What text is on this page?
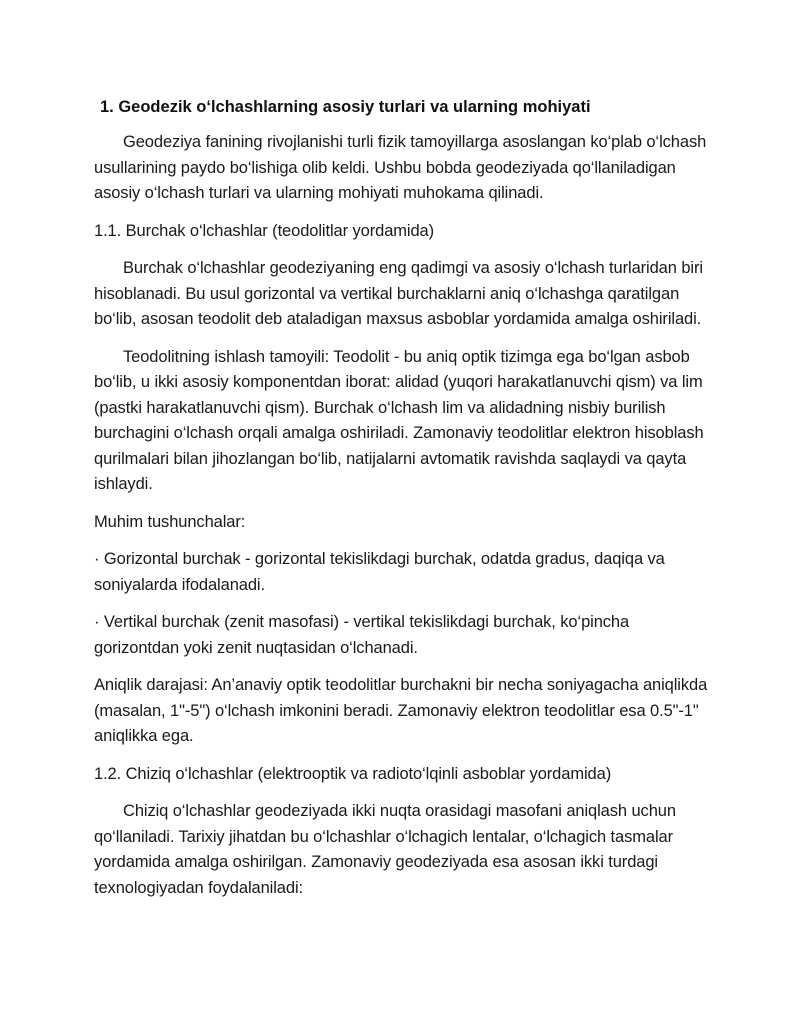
1. Geodezik o‘lchashlarning asosiy turlari va ularning mohiyati

Geodeziya fanining rivojlanishi turli fizik tamoyillarga asoslangan ko‘plab o‘lchash usullarining paydo bo‘lishiga olib keldi. Ushbu bobda geodeziyada qo‘llaniladigan asosiy o‘lchash turlari va ularning mohiyati muhokama qilinadi.

1.1. Burchak o‘lchashlar (teodolitlar yordamida)

Burchak o‘lchashlar geodeziyaning eng qadimgi va asosiy o‘lchash turlaridan biri hisoblanadi. Bu usul gorizontal va vertikal burchaklarni aniq o‘lchashga qaratilgan bo‘lib, asosan teodolit deb ataladigan maxsus asboblar yordamida amalga oshiriladi.

Teodolitning ishlash tamoyili: Teodolit - bu aniq optik tizimga ega bo‘lgan asbob bo‘lib, u ikki asosiy komponentdan iborat: alidad (yuqori harakatlanuvchi qism) va lim (pastki harakatlanuvchi qism). Burchak o‘lchash lim va alidadning nisbiy burilish burchagini o‘lchash orqali amalga oshiriladi. Zamonaviy teodolitlar elektron hisoblash qurilmalari bilan jihozlangan bo‘lib, natijalarni avtomatik ravishda saqlaydi va qayta ishlaydi.

Muhim tushunchalar:

· Gorizontal burchak - gorizontal tekislikdagi burchak, odatda gradus, daqiqa va soniyalarda ifodalanadi.

· Vertikal burchak (zenit masofasi) - vertikal tekislikdagi burchak, ko‘pincha gorizontdan yoki zenit nuqtasidan o‘lchanadi.

Aniqlik darajasi: An’anaviy optik teodolitlar burchakni bir necha soniyagacha aniqlikda (masalan, 1"-5") o‘lchash imkonini beradi. Zamonaviy elektron teodolitlar esa 0.5"-1" aniqlikka ega.

1.2. Chiziq o‘lchashlar (elektrooptik va radioto‘lqinli asboblar yordamida)

Chiziq o‘lchashlar geodeziyada ikki nuqta orasidagi masofani aniqlash uchun qo‘llaniladi. Tarixiy jihatdan bu o‘lchashlar o‘lchagich lentalar, o‘lchagich tasmalar yordamida amalga oshirilgan. Zamonaviy geodeziyada esa asosan ikki turdagi texnologiyadan foydalaniladi:
